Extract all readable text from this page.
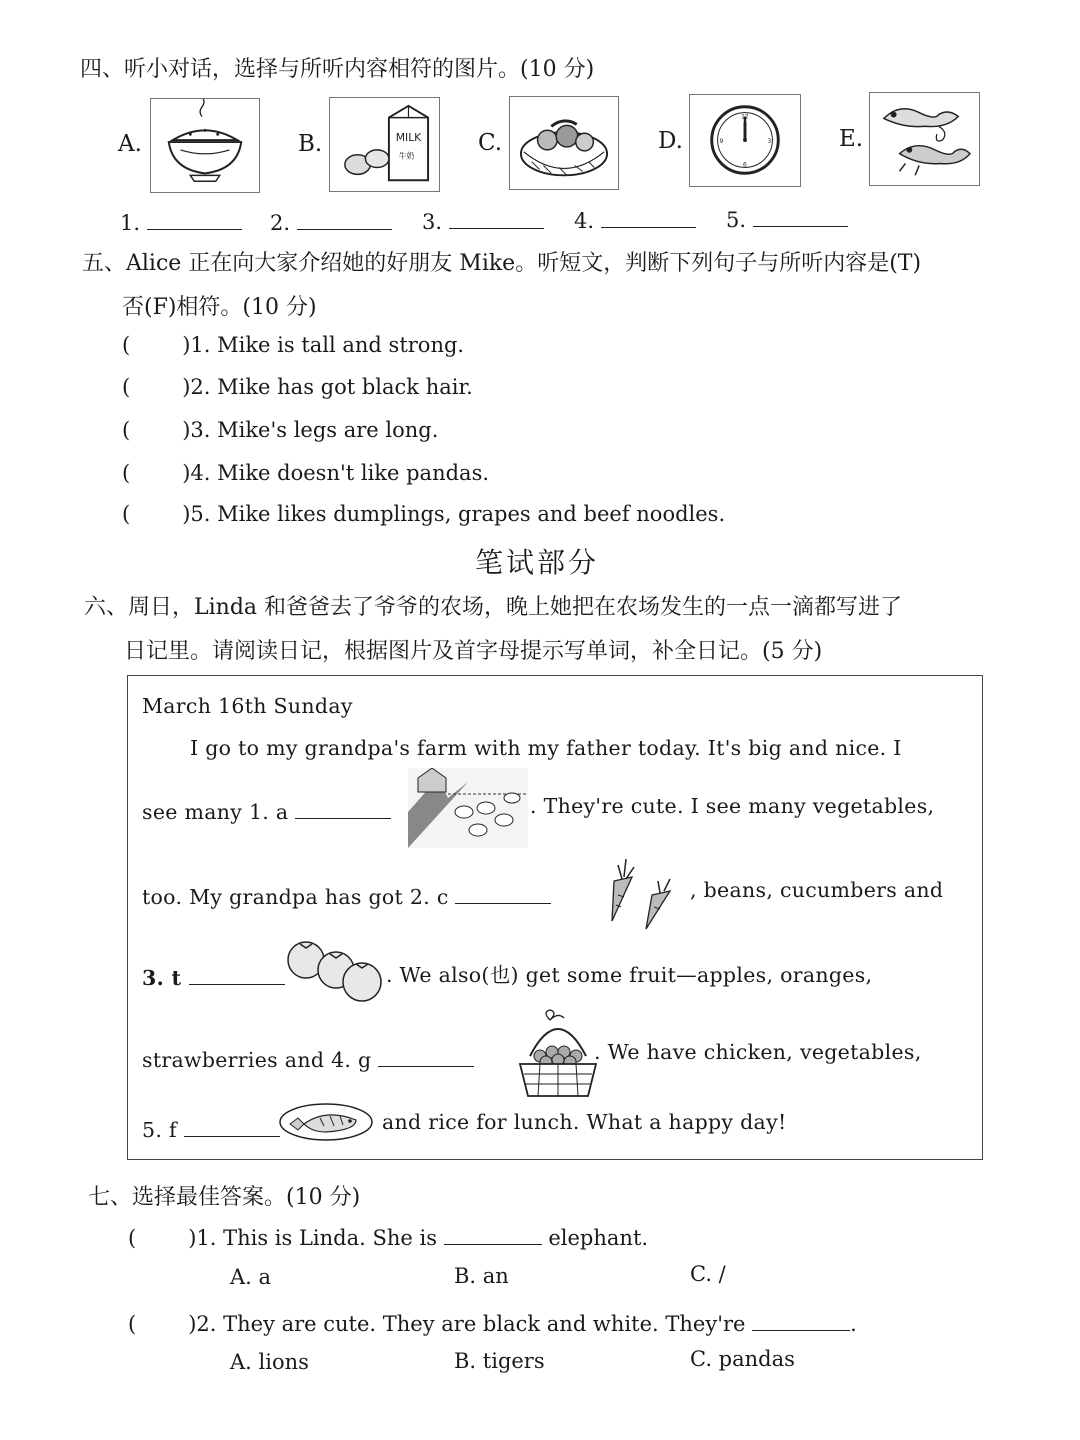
四、听小对话，选择与所听内容相符的图片。(10 分)
A.	B.	MILK
牛奶
C.	D.
12
3
6
9	E.
1.	2.	3.	4.	5.
五、Alice 正在向大家介绍她的好朋友 Mike。听短文，判断下列句子与所听内容是(T)
否(F)相符。(10 分)
( )1. Mike is tall and strong.
( )2. Mike has got black hair.
( )3. Mike's legs are long.
( )4. Mike doesn't like pandas.
( )5. Mike likes dumplings, grapes and beef noodles.
笔试部分
六、周日，Linda 和爸爸去了爷爷的农场，晚上她把在农场发生的一点一滴都写进了
日记里。请阅读日记，根据图片及首字母提示写单词，补全日记。(5 分)
March 16th Sunday
I go to my grandpa's farm with my father today. It's big and nice. I
see many 1. a	. They're cute. I see many vegetables,
too. My grandpa has got 2. c	, beans, cucumbers and
3. t	. We also(也) get some fruit—apples, oranges,
strawberries and 4. g	. We have chicken, vegetables,
5. f	and rice for lunch. What a happy day!
七、选择最佳答案。(10 分)
( )1. This is Linda. She is	elephant.
A. a	B. an	C. /
( )2. They are cute. They are black and white. They're	.
A. lions	B. tigers	C. pandas
